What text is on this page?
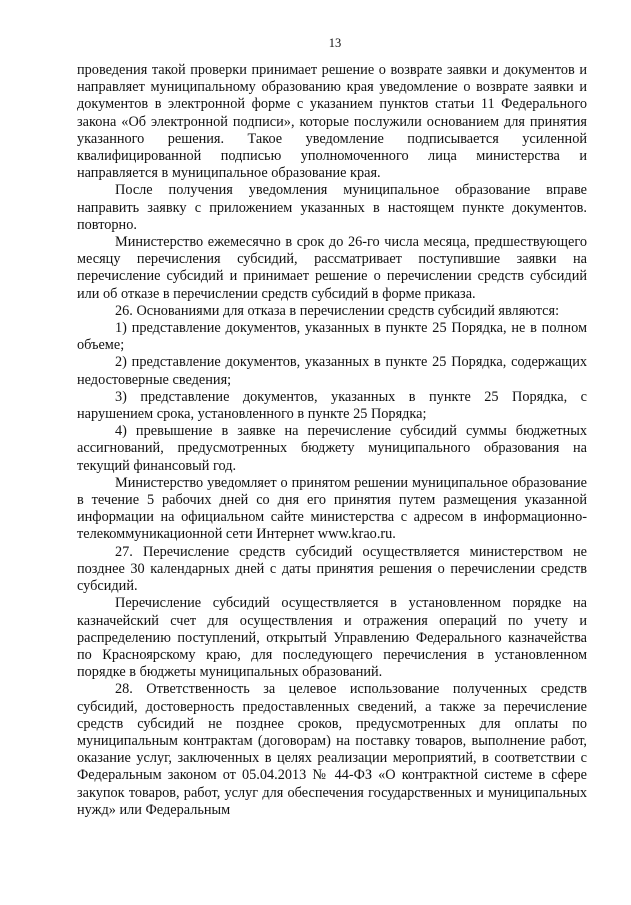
13

проведения такой проверки принимает решение о возврате заявки и документов и направляет муниципальному образованию края уведомление о возврате заявки и документов в электронной форме с указанием пунктов статьи 11 Федерального закона «Об электронной подписи», которые послужили основанием для принятия указанного решения. Такое уведомление подписывается усиленной квалифицированной подписью уполномоченного лица министерства и направляется в муниципальное образование края.

После получения уведомления муниципальное образование вправе направить заявку с приложением указанных в настоящем пункте документов. повторно.

Министерство ежемесячно в срок до 26-го числа месяца, предшествующего месяцу перечисления субсидий, рассматривает поступившие заявки на перечисление субсидий и принимает решение о перечислении средств субсидий или об отказе в перечислении средств субсидий в форме приказа.

26. Основаниями для отказа в перечислении средств субсидий являются:

1) представление документов, указанных в пункте 25 Порядка, не в полном объеме;

2) представление документов, указанных в пункте 25 Порядка, содержащих недостоверные сведения;

3) представление документов, указанных в пункте 25 Порядка, с нарушением срока, установленного в пункте 25 Порядка;

4) превышение в заявке на перечисление субсидий суммы бюджетных ассигнований, предусмотренных бюджету муниципального образования на текущий финансовый год.

Министерство уведомляет о принятом решении муниципальное образование в течение 5 рабочих дней со дня его принятия путем размещения указанной информации на официальном сайте министерства с адресом в информационно-телекоммуникационной сети Интернет www.krao.ru.

27. Перечисление средств субсидий осуществляется министерством не позднее 30 календарных дней с даты принятия решения о перечислении средств субсидий.

Перечисление субсидий осуществляется в установленном порядке на казначейский счет для осуществления и отражения операций по учету и распределению поступлений, открытый Управлению Федерального казначейства по Красноярскому краю, для последующего перечисления в установленном порядке в бюджеты муниципальных образований.

28. Ответственность за целевое использование полученных средств субсидий, достоверность предоставленных сведений, а также за перечисление средств субсидий не позднее сроков, предусмотренных для оплаты по муниципальным контрактам (договорам) на поставку товаров, выполнение работ, оказание услуг, заключенных в целях реализации мероприятий, в соответствии с Федеральным законом от 05.04.2013 № 44-ФЗ «О контрактной системе в сфере закупок товаров, работ, услуг для обеспечения государственных и муниципальных нужд» или Федеральным
